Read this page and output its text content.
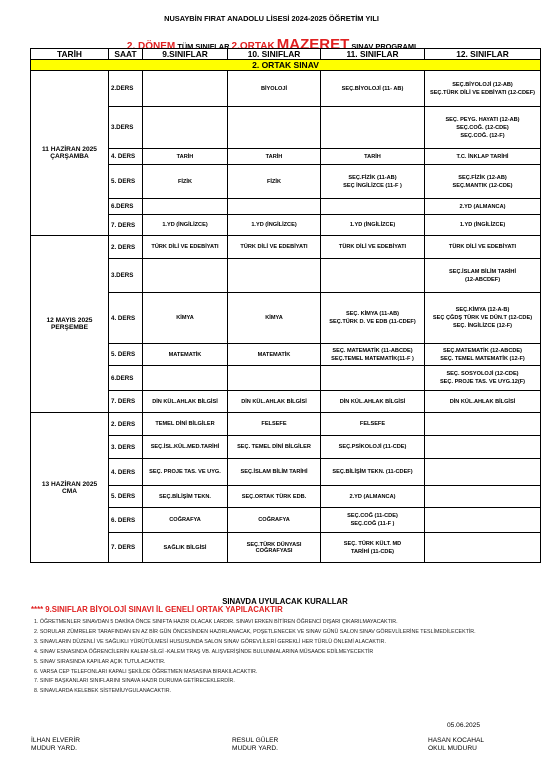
NUSAYBİN FIRAT ANADOLU LİSESİ 2024-2025 ÖĞRETİM YILI
2. DÖNEM TÜM SINIFLAR 2.ORTAK MAZERET SINAV PROGRAMI
TARİH	SAAT	9.SINIFLAR	10. SINIFLAR	11. SINIFLAR	12. SINIFLAR
2. ORTAK SINAV					

11 HAZİRAN 2025
ÇARŞAMBA	2.DERS		BİYOLOJİ	SEÇ.BİYOLOJİ (11- AB)	SEÇ.BİYOLOJİ (12-AB)
SEÇ.TÜRK DİLİ VE EDBİYATI (12-CDEF)

	3.DERS				SEÇ. PEYG. HAYATI (12-AB)
SEÇ.COĞ. (12-CDE)
SEÇ.COĞ. (12-F)

	4. DERS	TARİH	TARİH	TARİH	T.C. İNKLAP TARİHİ
	5. DERS	FİZİK	FİZİK	SEÇ.FİZİK (11-AB)
SEÇ İNGİLİZCE (11-F )	SEÇ.FİZİK (12-AB)
SEÇ.MANTIK (12-CDE)

	6.DERS				2.YD (ALMANCA)
	7. DERS	1.YD (İNGİLİZCE)	1.YD (İNGİLİZCE)	1.YD (İNGİLİZCE)	1.YD (İNGİLİZCE)

12 MAYIS 2025
PERŞEMBE	2. DERS	TÜRK DİLİ VE EDEBİYATI	TÜRK DİLİ VE EDEBİYATI	TÜRK DİLİ VE EDEBİYATI	TÜRK DİLİ VE EDEBİYATI
	3.DERS				SEÇ.İSLAM BİLİM TARİHİ
(12-ABCDEF)

	4. DERS	KİMYA	KİMYA	SEÇ. KİMYA (11-AB)
SEÇ.TÜRK D. VE EDB (11-CDEF)	SEÇ.KİMYA (12-A-B)
SEÇ ÇĞDŞ TÜRK VE DÜN.T (12-CDE)
SEÇ. İNGİLİZCE (12-F)

	5. DERS	MATEMATİK	MATEMATİK	SEÇ. MATEMATİK (11-ABCDE)
SEÇ.TEMEL MATEMATİK(11-F )	SEÇ.MATEMATİK (12-ABCDE)
SEÇ. TEMEL MATEMATİK (12-F)

	6.DERS				SEÇ. SOSYOLOJİ (12-CDE)
SEÇ. PROJE TAS. VE UYG.12(F)

	7. DERS	DİN KÜL.AHLAK BİLGİSİ	DİN KÜL.AHLAK BİLGİSİ	DİN KÜL.AHLAK BİLGİSİ	DİN KÜL.AHLAK BİLGİSİ

13 HAZİRAN 2025
CMA	2. DERS	TEMEL DİNİ BİLGİLER	FELSEFE	FELSEFE	
	3. DERS	SEÇ.İSL.KÜL.MED.TARİHİ	SEÇ. TEMEL DİNİ BİLGİLER	SEÇ.PSİKOLOJİ (11-CDE)	
	4. DERS	SEÇ. PROJE TAS. VE UYG.	SEÇ.İSLAM BİLİM TARİHİ	SEÇ.BİLİŞİM TEKN. (11-CDEF)	
	5. DERS	SEÇ.BİLİŞİM TEKN.	SEÇ.ORTAK TÜRK EDB.	2.YD (ALMANCA)	
	6. DERS	COĞRAFYA	COĞRAFYA	SEÇ.COĞ (11-CDE)
SEÇ.COĞ (11-F )	

	7. DERS	SAĞLIK BİLGİSİ	SEÇ.TÜRK DÜNYASI COĞRAFYASI	SEÇ. TÜRK KÜLT. MD
TARİHİ (11-CDE)	

SINAVDA UYULACAK KURALLAR
**** 9.SINIFLAR BİYOLOJİ SINAVI İL GENELİ ORTAK YAPILACAKTIR
1. ÖĞRETMENLER SINAVDAN 5 DAKİKA ÖNCE SINIFTA HAZIR OLACAK LARDIR. SINAVI ERKEN BİTİREN ÖĞRENCİ DIŞARI ÇIKARILMAYACAKTIR.
2. SORULAR ZÜMRELER TARAFINDAN EN AZ BİR GÜN ÖNCESİNDEN HAZIRLANACAK, POŞETLENECEK VE SINAV GÜNÜ SALON SINAV GÖREVLİLERİNE TESLİMEDİLECEKTİR.
3. SINAVLARIN DÜZENLİ VE SAĞLIKLI YÜRÜTÜLMESİ HUSUSUNDA SALON SINAV GÖREVLİLERİ GEREKLİ HER TÜRLÜ ÖNLEMİ ALACAKTIR.
4. SINAV ESNASINDA ÖĞRENCİLERİN KALEM-SİLGİ -KALEM TRAŞ VB. ALIŞVERİŞİNDE BULUNMALARINA MÜSAADE EDİLMEYECEKTİR
5. SINAV SIRASINDA KAPILAR AÇIK TUTULACAKTIR.
6. VARSA CEP TELEFONLARI KAPALI ŞEKİLDE ÖĞRETMEN MASASINA BIRAKILACAKTIR.
7. SINIF BAŞKANLARI SINIFLARINI SINAVA HAZIR DURUMA GETİRECEKLERDİR.
8. SINAVLARDA KELEBEK SİSTEMİUYGULANACAKTIR.
05.06.2025
İLHAN ELVERİR
MUDUR YARD.
RESUL GÜLER
MUDUR YARD.
HASAN KOCAHAL
OKUL MUDURU
